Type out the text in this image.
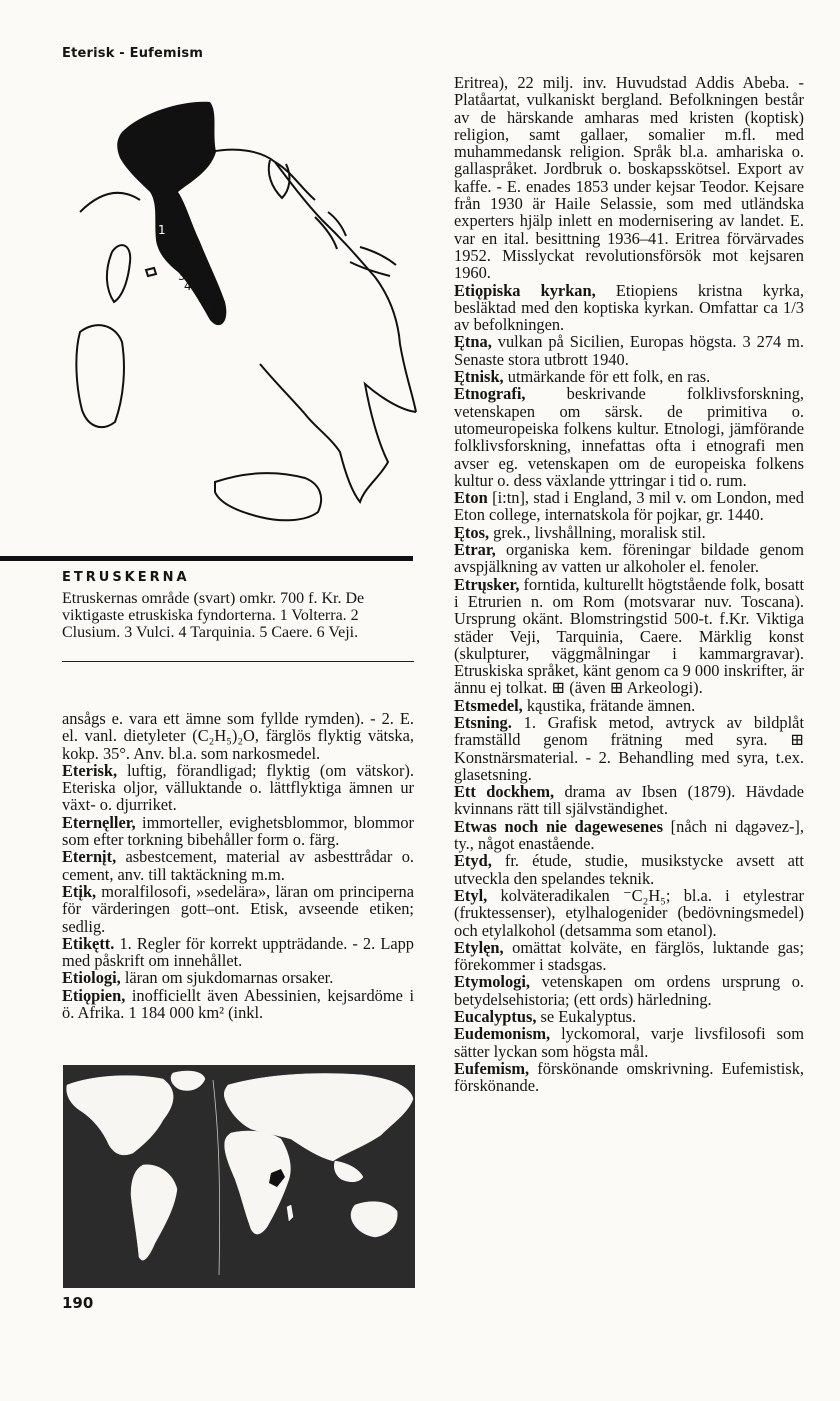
Eterisk - Eufemism
1
2
3
4
5
6
ETRUSKERNA
Etruskernas område (svart) omkr. 700 f. Kr. De viktigaste etruskiska fyndorterna. 1 Volterra. 2 Clusium. 3 Vulci. 4 Tarquinia. 5 Caere. 6 Veji.

ansågs e. vara ett ämne som fyllde rymden). - 2. E. el. vanl. dietyleter (C₂H₅)₂O, färglös flyktig vätska, kokp. 35°. Anv. bl.a. som narkosmedel.

Eterisk, luftig, förandligad; flyktig (om vätskor). Eteriska oljor, välluktande o. lättflyktiga ämnen ur växt- o. djurriket.

Eternęller, immorteller, evighetsblommor, blommor som efter torkning bibehåller form o. färg.

Eternįt, asbestcement, material av asbesttrådar o. cement, anv. till taktäckning m.m.

Etįk, moralfilosofi, »sedelära», läran om principerna för värderingen gott–ont. Etisk, avseende etiken; sedlig.

Etikętt. 1. Regler för korrekt uppträdande. - 2. Lapp med påskrift om innehållet.

Etiologi, läran om sjukdomarnas orsaker.

Etiǫpien, inofficiellt även Abessinien, kejsardöme i ö. Afrika. 1 184 000 km² (inkl.

Eritrea), 22 milj. inv. Huvudstad Addis Abeba. - Platåartat, vulkaniskt bergland. Befolkningen består av de härskande amharas med kristen (koptisk) religion, samt gallaer, somalier m.fl. med muhammedansk religion. Språk bl.a. amhariska o. gallaspråket. Jordbruk o. boskapsskötsel. Export av kaffe. - E. enades 1853 under kejsar Teodor. Kejsare från 1930 är Haile Selassie, som med utländska experters hjälp inlett en modernisering av landet. E. var en ital. besittning 1936–41. Eritrea förvärvades 1952. Misslyckat revolutionsförsök mot kejsaren 1960.

Etiǫpiska kyrkan, Etiopiens kristna kyrka, besläktad med den koptiska kyrkan. Omfattar ca 1/3 av befolkningen.

Ętna, vulkan på Sicilien, Europas högsta. 3 274 m. Senaste stora utbrott 1940.

Ętnisk, utmärkande för ett folk, en ras.

Etnografi, beskrivande folklivsforskning, vetenskapen om särsk. de primitiva o. utomeuropeiska folkens kultur. Etnologi, jämförande folklivsforskning, innefattas ofta i etnografi men avser eg. vetenskapen om de europeiska folkens kultur o. dess växlande yttringar i tid o. rum.

Eton [i:tn], stad i England, 3 mil v. om London, med Eton college, internatskola för pojkar, gr. 1440.

Ętos, grek., livshållning, moralisk stil.

Etrar, organiska kem. föreningar bildade genom avspjälkning av vatten ur alkoholer el. fenoler.

Etrųsker, forntida, kulturellt högtstående folk, bosatt i Etrurien n. om Rom (motsvarar nuv. Toscana). Ursprung okänt. Blomstringstid 500-t. f.Kr. Viktiga städer Veji, Tarquinia, Caere. Märklig konst (skulpturer, väggmålningar i kammargravar). Etruskiska språket, känt genom ca 9 000 inskrifter, är ännu ej tolkat. ⊞ (även ⊞ Arkeologi).

Etsmedel, kąustika, frätande ämnen.

Etsning. 1. Grafisk metod, avtryck av bildplåt framställd genom frätning med syra. ⊞ Konstnärsmaterial. - 2. Behandling med syra, t.ex. glasetsning.

Ett dockhem, drama av Ibsen (1879). Hävdade kvinnans rätt till självständighet.

Etwas noch nie dagewesenes [nåch ni dągəvez-], ty., något enastående.

Etyd, fr. étude, studie, musikstycke avsett att utveckla den spelandes teknik.

Etyl, kolväteradikalen ⁻C₂H₅; bl.a. i etylestrar (fruktessenser), etylhalogenider (bedövningsmedel) och etylalkohol (detsamma som etanol).

Etylęn, omättat kolväte, en färglös, luktande gas; förekommer i stadsgas.

Etymologi, vetenskapen om ordens ursprung o. betydelsehistoria; (ett ords) härledning.

Eucalyptus, se Eukalyptus.

Eudemonism, lyckomoral, varje livsfilosofi som sätter lyckan som högsta mål.

Eufemism, förskönande omskrivning. Eufemistisk, förskönande.

190
